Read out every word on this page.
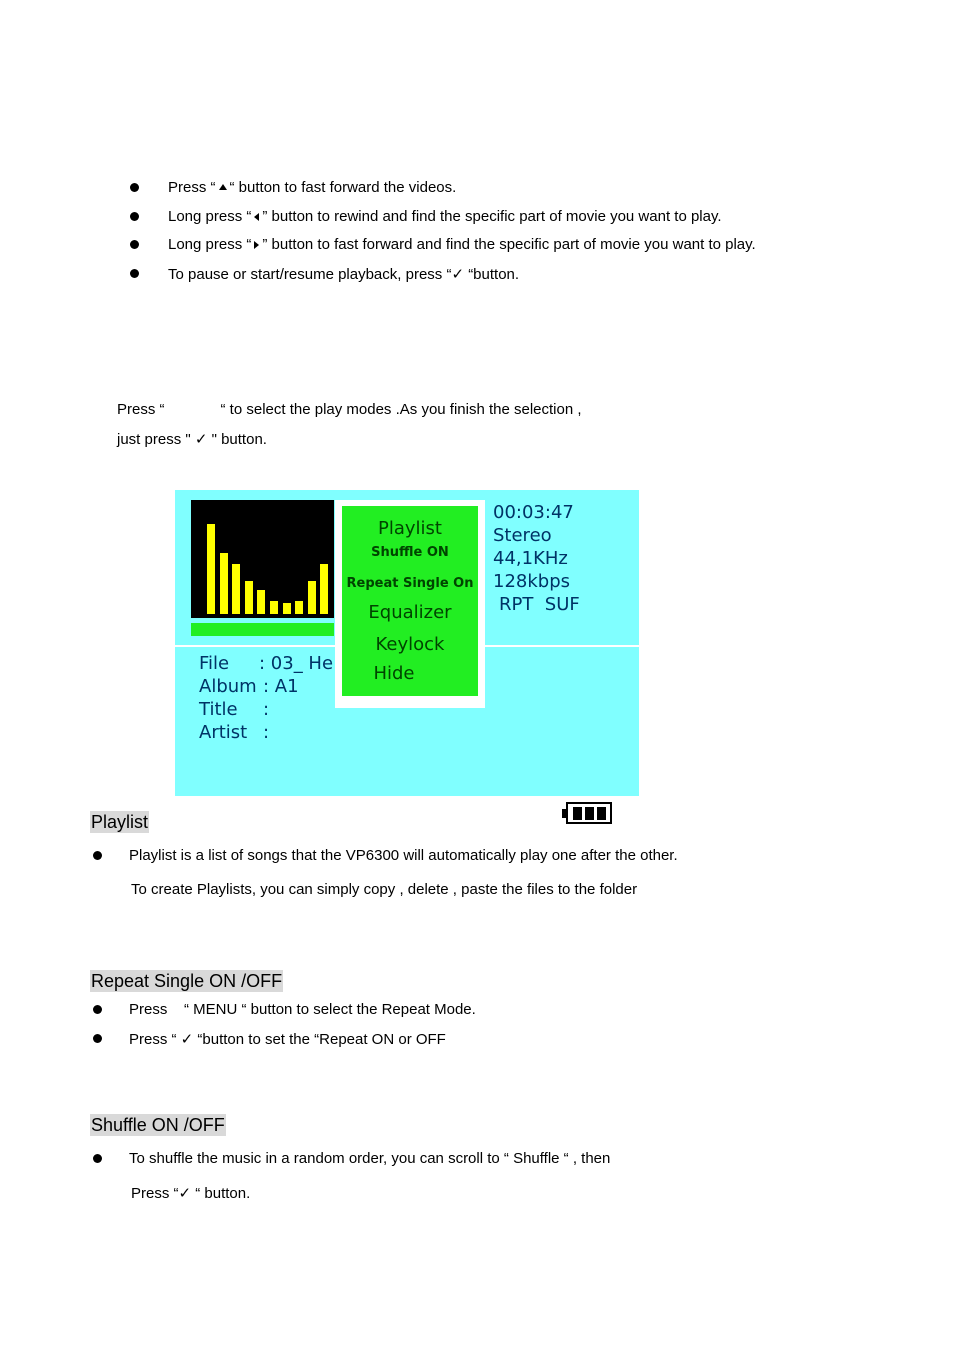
Press “ “ button to fast forward the videos.
Long press “ ” button to rewind and find the specific part of movie you want to play.
Long press “ ” button to fast forward and find the specific part of movie you want to play.
To pause or start/resume playback, press “✓ “button.
Press “	“ to select the play modes .As you finish the selection ,
just press " ✓ " button.
Playlist
Shuffle ON
Repeat Single On
Equalizer
Keylock
Hide
00:03:47
Stereo
44,1KHz
128kbps
RPT  SUF
File : 03_ He
Album : A1
Title :
Artist :
Playlist
Playlist is a list of songs that the VP6300 will automatically play one after the other.
To create Playlists, you can simply copy , delete , paste the files to the folder
Repeat Single ON /OFF
Press    “ MENU “ button to select the Repeat Mode.
Press “ ✓ “button to set the “Repeat ON or OFF
Shuffle ON /OFF
To shuffle the music in a random order, you can scroll to “ Shuffle “ , then
Press “✓ “ button.
